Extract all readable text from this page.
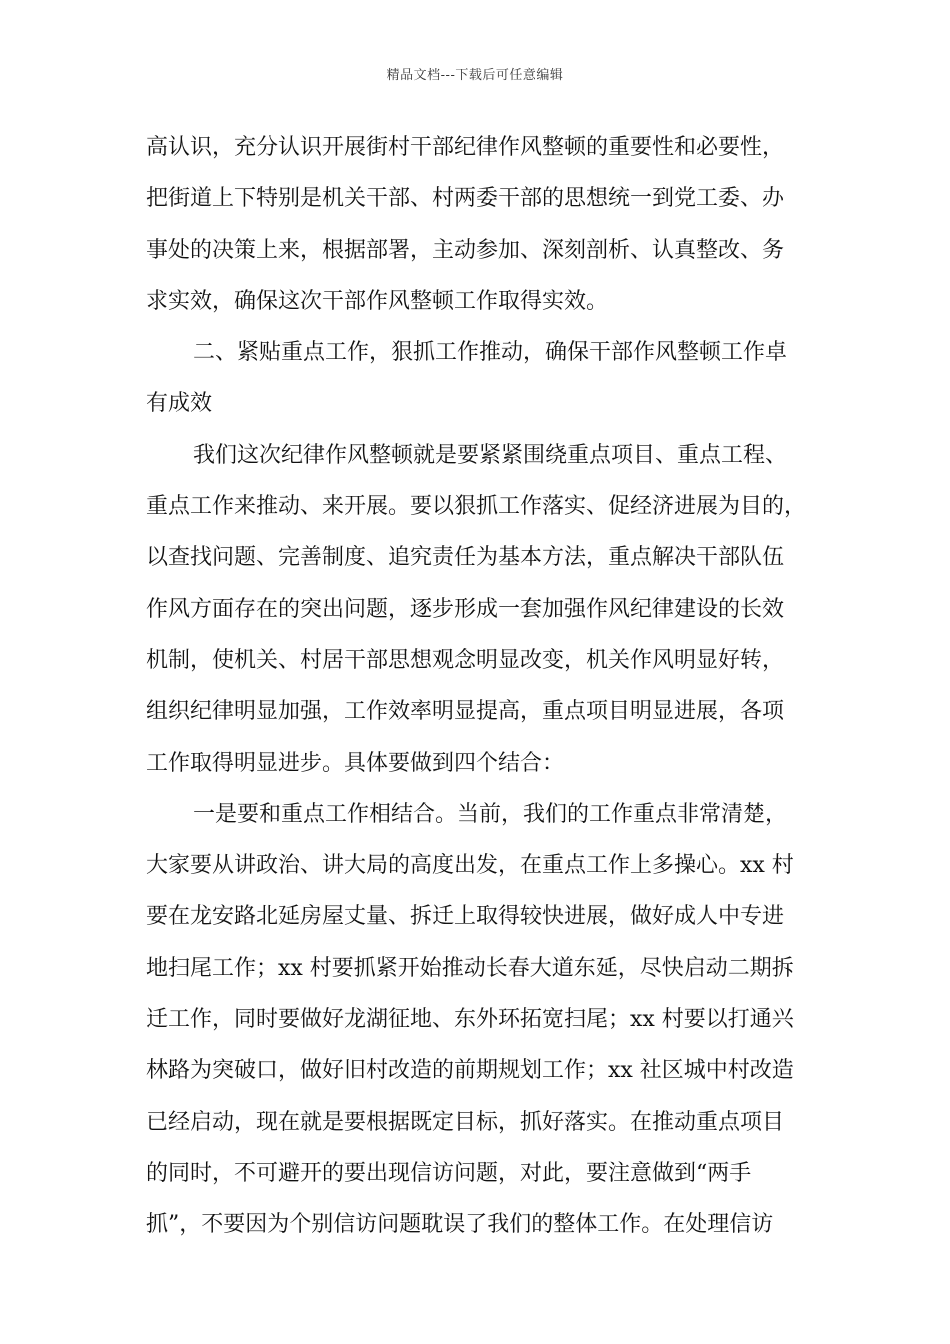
精品文档---下载后可任意编辑
高认识，充分认识开展街村干部纪律作风整顿的重要性和必要性，
把街道上下特别是机关干部、村两委干部的思想统一到党工委、办
事处的决策上来，根据部署，主动参加、深刻剖析、认真整改、务
求实效，确保这次干部作风整顿工作取得实效。
二、紧贴重点工作，狠抓工作推动，确保干部作风整顿工作卓
有成效
我们这次纪律作风整顿就是要紧紧围绕重点项目、重点工程、
重点工作来推动、来开展。要以狠抓工作落实、促经济进展为目的，
以查找问题、完善制度、追究责任为基本方法，重点解决干部队伍
作风方面存在的突出问题，逐步形成一套加强作风纪律建设的长效
机制，使机关、村居干部思想观念明显改变，机关作风明显好转，
组织纪律明显加强，工作效率明显提高，重点项目明显进展，各项
工作取得明显进步。具体要做到四个结合：
一是要和重点工作相结合。当前，我们的工作重点非常清楚，
大家要从讲政治、讲大局的高度出发，在重点工作上多操心。xx 村
要在龙安路北延房屋丈量、拆迁上取得较快进展，做好成人中专进
地扫尾工作；xx 村要抓紧开始推动长春大道东延，尽快启动二期拆
迁工作，同时要做好龙湖征地、东外环拓宽扫尾；xx 村要以打通兴
林路为突破口，做好旧村改造的前期规划工作；xx 社区城中村改造
已经启动，现在就是要根据既定目标，抓好落实。在推动重点项目
的同时，不可避开的要出现信访问题，对此，要注意做到“两手
抓”，不要因为个别信访问题耽误了我们的整体工作。在处理信访
